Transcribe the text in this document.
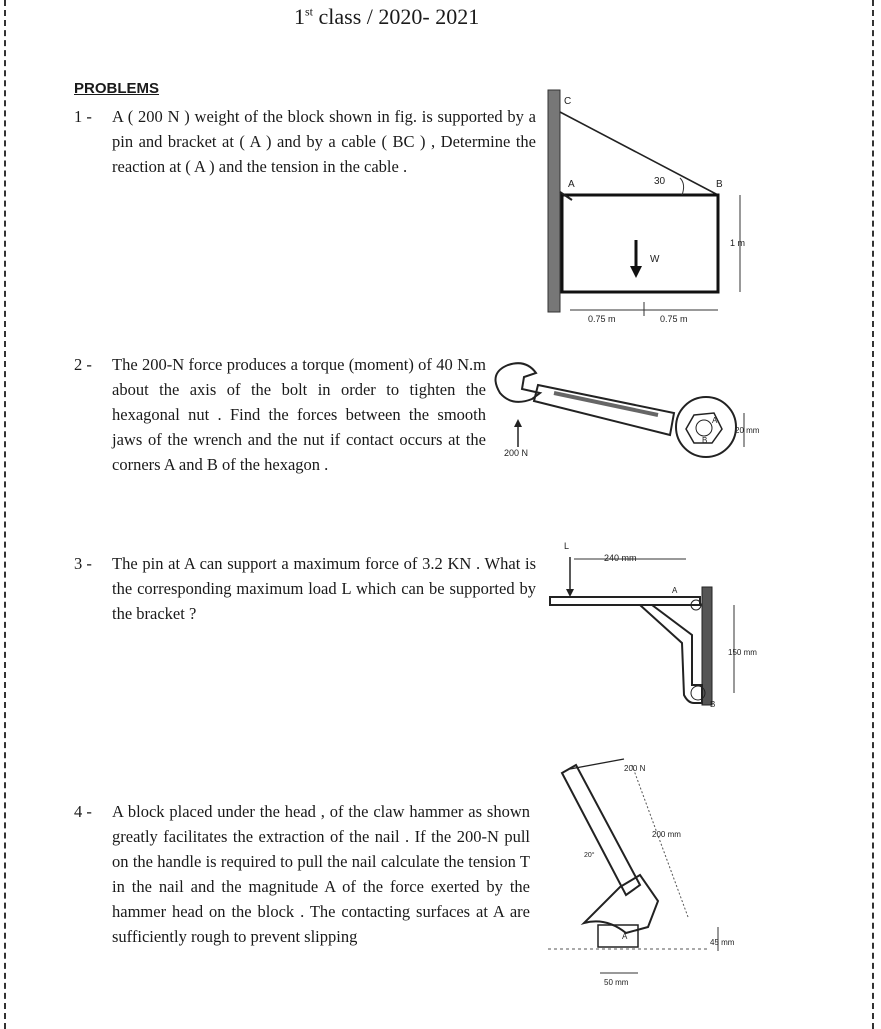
1st class / 2020- 2021
PROBLEMS
1 - A ( 200 N ) weight of the block shown in fig. is supported by a pin and bracket at ( A ) and by a cable ( BC ) , Determine the reaction at ( A ) and the tension in the cable .
2 - The 200-N force produces a torque (moment) of 40 N.m about the axis of the bolt in order to tighten the hexagonal nut . Find the forces between the smooth jaws of the wrench and the nut if contact occurs at the corners A and B of the hexagon .
3 - The pin at A can support a maximum force of 3.2 KN . What is the corresponding maximum load L which can be supported by the bracket ?
4 - A block placed under the head , of the claw hammer as shown greatly facilitates the extraction of the nail . If the 200-N pull on the handle is required to pull the nail calculate the tension T in the nail and the magnitude A of the force exerted by the hammer head on the block . The contacting surfaces at A are sufficiently rough to prevent slipping
C
A	B
30
W
1 m
0.75 m	0.75 m
200 N
20 mm
A
B
L
240 mm
150 mm
A
B
200 N
200 mm
20°
A
45 mm
50 mm
